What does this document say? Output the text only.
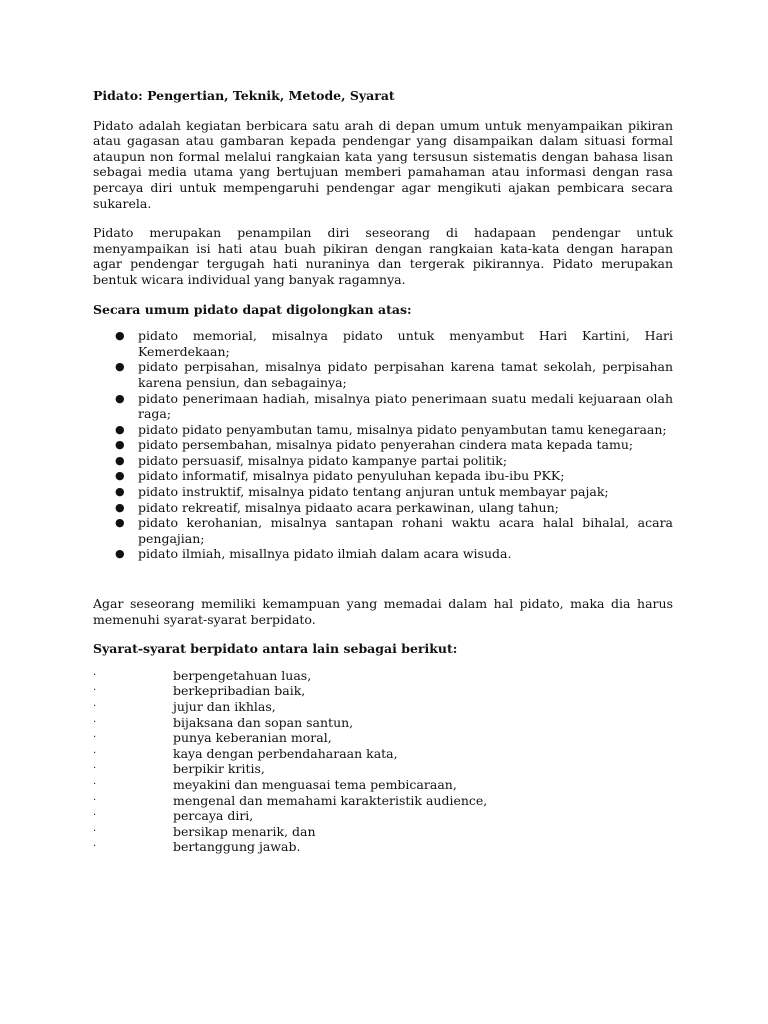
Pidato: Pengertian, Teknik, Metode, Syarat

Pidato adalah kegiatan berbicara satu arah di depan umum untuk menyampaikan pikiran atau gagasan atau gambaran kepada pendengar yang disampaikan dalam situasi formal ataupun non formal melalui rangkaian kata yang tersusun sistematis dengan bahasa lisan sebagai media utama yang bertujuan memberi pamahaman atau informasi dengan rasa percaya diri untuk mempengaruhi pendengar agar mengikuti ajakan pembicara secara sukarela.

Pidato merupakan penampilan diri seseorang di hadapaan pendengar untuk menyampaikan isi hati atau buah pikiran dengan rangkaian kata-kata dengan harapan agar pendengar tergugah hati nuraninya dan tergerak pikirannya. Pidato merupakan bentuk wicara individual yang banyak ragamnya.

Secara umum pidato dapat digolongkan atas:
● pidato memorial, misalnya pidato untuk menyambut Hari Kartini, Hari Kemerdekaan;
● pidato perpisahan, misalnya pidato perpisahan karena tamat sekolah, perpisahan karena pensiun, dan sebagainya;
● pidato penerimaan hadiah, misalnya piato penerimaan suatu medali kejuaraan olah raga;
● pidato pidato penyambutan tamu, misalnya pidato penyambutan tamu kenegaraan;
● pidato persembahan, misalnya pidato penyerahan cindera mata kepada tamu;
● pidato persuasif, misalnya pidato kampanye partai politik;
● pidato informatif, misalnya pidato penyuluhan kepada ibu-ibu PKK;
● pidato instruktif, misalnya pidato tentang anjuran untuk membayar pajak;
● pidato rekreatif, misalnya pidaato acara perkawinan, ulang tahun;
● pidato kerohanian, misalnya santapan rohani waktu acara halal bihalal, acara pengajian;
● pidato ilmiah, misallnya pidato ilmiah dalam acara wisuda.

Agar seseorang memiliki kemampuan yang memadai dalam hal pidato, maka dia harus memenuhi syarat-syarat berpidato.

Syarat-syarat berpidato antara lain sebagai berikut:
·	berpengetahuan luas,
·	berkepribadian baik,
·	jujur dan ikhlas,
·	bijaksana dan sopan santun,
·	punya keberanian moral,
·	kaya dengan perbendaharaan kata,
·	berpikir kritis,
·	meyakini dan menguasai tema pembicaraan,
·	mengenal dan memahami karakteristik audience,
·	percaya diri,
·	bersikap menarik, dan
·	bertanggung jawab.
